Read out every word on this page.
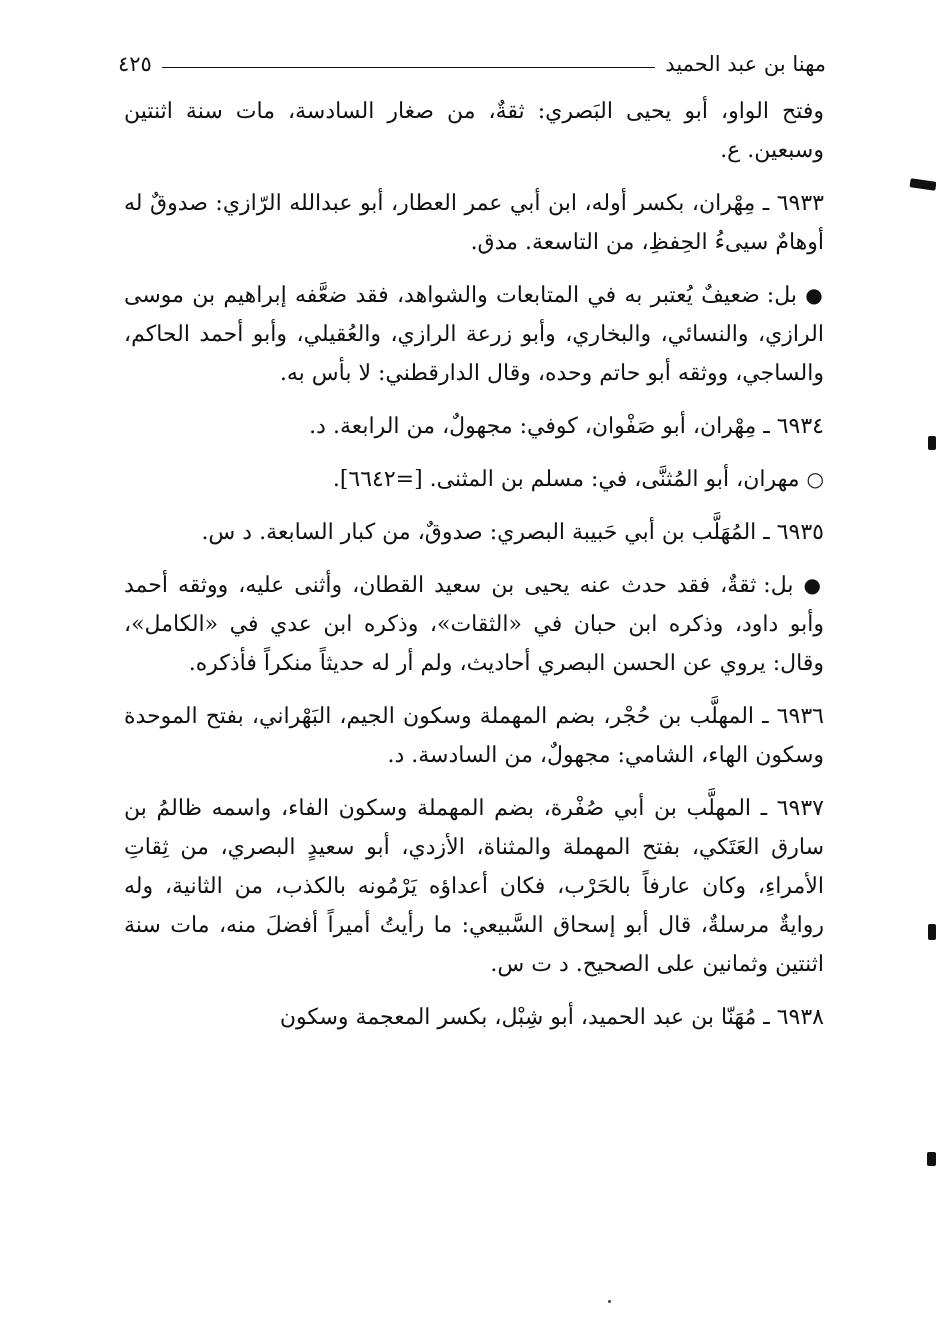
مهنا بن عبد الحميد
٤٢٥

وفتح الواو، أبو يحيى البَصري: ثقةٌ، من صغار السادسة، مات سنة اثنتين وسبعين. ع.

٦٩٣٣ ـ مِهْران، بكسر أوله، ابن أبي عمر العطار، أبو عبدالله الرّازي: صدوقٌ له أوهامٌ سيىءُ الحِفظِ، من التاسعة. مدق.

● بل: ضعيفٌ يُعتبر به في المتابعات والشواهد، فقد ضعَّفه إبراهيم بن موسى الرازي، والنسائي، والبخاري، وأبو زرعة الرازي، والعُقيلي، وأبو أحمد الحاكم، والساجي، ووثقه أبو حاتم وحده، وقال الدارقطني: لا بأس به.

٦٩٣٤ ـ مِهْران، أبو صَفْوان، كوفي: مجهولٌ، من الرابعة. د.

○ مهران، أبو المُثنَّى، في: مسلم بن المثنى. [=٦٦٤٢].

٦٩٣٥ ـ المُهَلَّب بن أبي حَبيبة البصري: صدوقٌ، من كبار السابعة. د س.

● بل: ثقةٌ، فقد حدث عنه يحيى بن سعيد القطان، وأثنى عليه، ووثقه أحمد وأبو داود، وذكره ابن حبان في «الثقات»، وذكره ابن عدي في «الكامل»، وقال: يروي عن الحسن البصري أحاديث، ولم أر له حديثاً منكراً فأذكره.

٦٩٣٦ ـ المهلَّب بن حُجْر، بضم المهملة وسكون الجيم، البَهْراني، بفتح الموحدة وسكون الهاء، الشامي: مجهولٌ، من السادسة. د.

٦٩٣٧ ـ المهلَّب بن أبي صُفْرة، بضم المهملة وسكون الفاء، واسمه ظالمُ بن سارق العَتَكي، بفتح المهملة والمثناة، الأزدي، أبو سعيدٍ البصري، من ثِقاتِ الأمراءِ، وكان عارفاً بالحَرْب، فكان أعداؤه يَرْمُونه بالكذب، من الثانية، وله روايةٌ مرسلةٌ، قال أبو إسحاق السَّبيعي: ما رأيتُ أميراً أفضلَ منه، مات سنة اثنتين وثمانين على الصحيح. د ت س.

٦٩٣٨ ـ مُهَنّا بن عبد الحميد، أبو شِبْل، بكسر المعجمة وسكون
